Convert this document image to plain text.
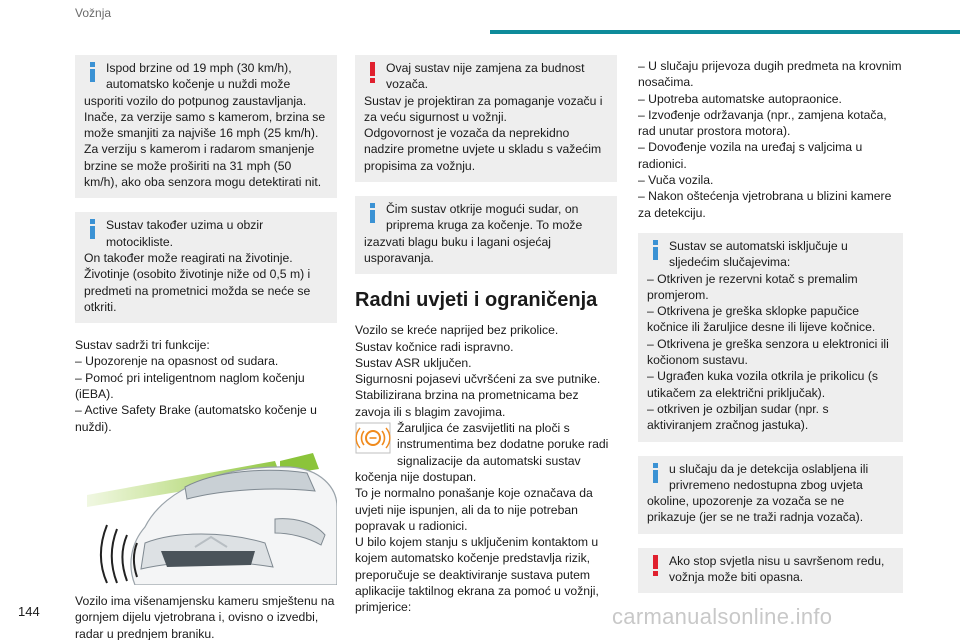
Vožnja
Ispod brzine od 19 mph (30 km/h), automatsko kočenje u nuždi može
usporiti vozilo do potpunog zaustavljanja.
Inače, za verzije samo s kamerom, brzina se može smanjiti za najviše 16 mph (25 km/h).
Za verziju s kamerom i radarom smanjenje brzine se može proširiti na 31 mph (50 km/h), ako oba senzora mogu detektirati nit.
Sustav također uzima u obzir motocikliste.
On također može reagirati na životinje.
Životinje (osobito životinje niže od 0,5 m) i predmeti na prometnici možda se neće se otkriti.
Sustav sadrži tri funkcije:
– Upozorenje na opasnost od sudara.
– Pomoć pri inteligentnom naglom kočenju (iEBA).
– Active Safety Brake (automatsko kočenje u nuždi).
Vozilo ima višenamjensku kameru smještenu na gornjem dijelu vjetrobrana i, ovisno o izvedbi, radar u prednjem braniku.
Ovaj sustav nije zamjena za budnost vozača.
Sustav je projektiran za pomaganje vozaču i za veću sigurnost u vožnji.
Odgovornost je vozača da neprekidno nadzire prometne uvjete u skladu s važećim propisima za vožnju.
Čim sustav otkrije mogući sudar, on priprema kruga za kočenje. To može
izazvati blagu buku i lagani osjećaj usporavanja.
Radni uvjeti i ograničenja
Vozilo se kreće naprijed bez prikolice.
Sustav kočnice radi ispravno.
Sustav ASR uključen.
Sigurnosni pojasevi učvršćeni za sve putnike.
Stabilizirana brzina na prometnicama bez zavoja ili s blagim zavojima.
Žaruljica će zasvijetliti na ploči s instrumentima bez dodatne poruke radi signalizacije da automatski sustav kočenja nije dostupan.
To je normalno ponašanje koje označava da uvjeti nije ispunjen, ali da to nije potreban popravak u radionici.
U bilo kojem stanju s uključenim kontaktom u kojem automatsko kočenje predstavlja rizik, preporučuje se deaktiviranje sustava putem aplikacije taktilnog ekrana za pomoć u vožnji, primjerice:
– U slučaju prijevoza dugih predmeta na krovnim nosačima.
– Upotreba automatske autopraonice.
– Izvođenje održavanja (npr., zamjena kotača, rad unutar prostora motora).
– Dovođenje vozila na uređaj s valjcima u radionici.
– Vuča vozila.
– Nakon oštećenja vjetrobrana u blizini kamere za detekciju.
Sustav se automatski isključuje u sljedećim slučajevima:
– Otkriven je rezervni kotač s premalim promjerom.
– Otkrivena je greška sklopke papučice kočnice ili žaruljice desne ili lijeve kočnice.
– Otkrivena je greška senzora u elektronici ili kočionom sustavu.
– Ugrađen kuka vozila otkrila je prikolicu (s utikačem za električni priključak).
– otkriven je ozbiljan sudar (npr. s aktiviranjem zračnog jastuka).
u slučaju da je detekcija oslabljena ili privremeno nedostupna zbog uvjeta
okoline, upozorenje za vozača se ne prikazuje (jer se ne traži radnja vozača).
Ako stop svjetla nisu u savršenom redu, vožnja može biti opasna.
144	carmanualsonline.info
